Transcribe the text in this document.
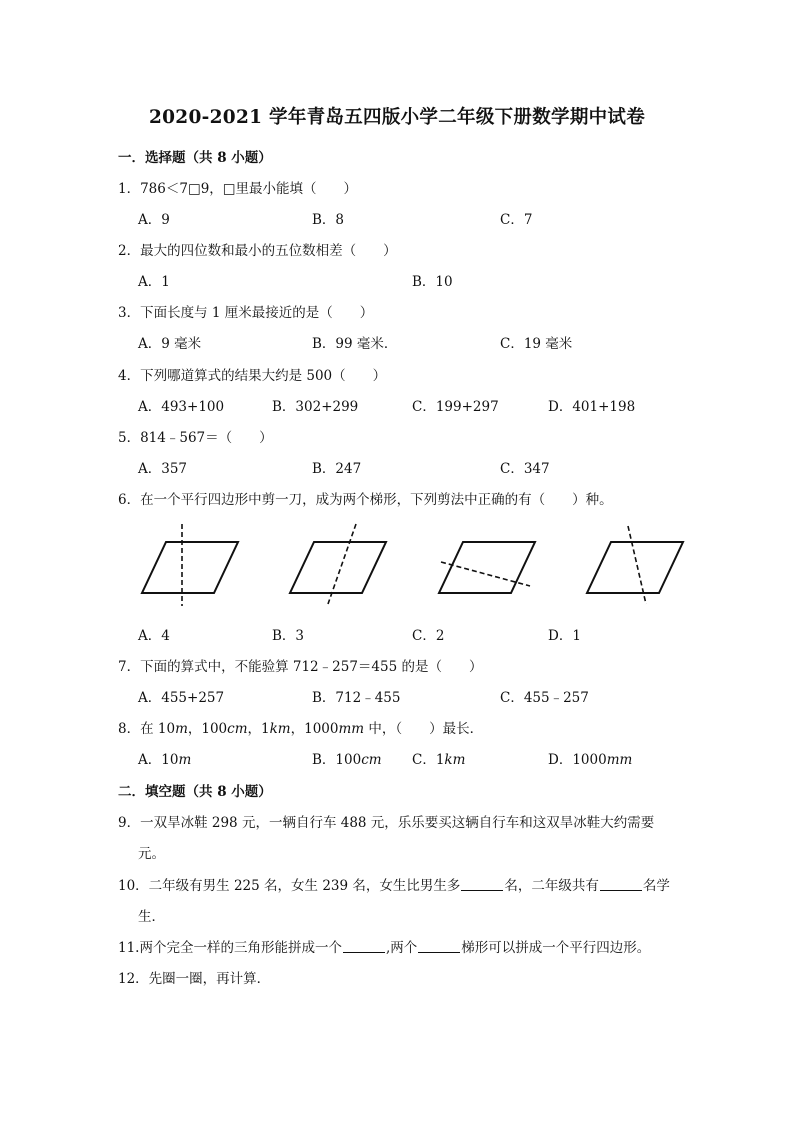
2020-2021 学年青岛五四版小学二年级下册数学期中试卷
一．选择题（共 8 小题）
1．786＜7□9，□里最小能填（　　）
A．9	B．8	C．7
2．最大的四位数和最小的五位数相差（　　）
A．1	B．10
3．下面长度与 1 厘米最接近的是（　　）
A．9 毫米	B．99 毫米．	C．19 毫米
4．下列哪道算式的结果大约是 500（　　）
A．493+100	B．302+299	C．199+297	D．401+198
5．814﹣567＝（　　）
A．357	B．247	C．347
6．在一个平行四边形中剪一刀，成为两个梯形，下列剪法中正确的有（　　）种。
A．4	B．3	C．2	D．1
7．下面的算式中，不能验算 712﹣257＝455 的是（　　）
A．455+257	B．712﹣455	C．455﹣257
8．在 10m，100cm，1km，1000mm 中，（　　）最长．
A．10m	B．100cm C．1km	D．1000mm
二．填空题（共 8 小题）
9．一双旱冰鞋 298 元，一辆自行车 488 元，乐乐要买这辆自行车和这双旱冰鞋大约需要
元。
10．二年级有男生 225 名，女生 239 名，女生比男生多	名，二年级共有	名学
生．
11.两个完全一样的三角形能拼成一个	,两个	梯形可以拼成一个平行四边形。
12．先圈一圈，再计算．
